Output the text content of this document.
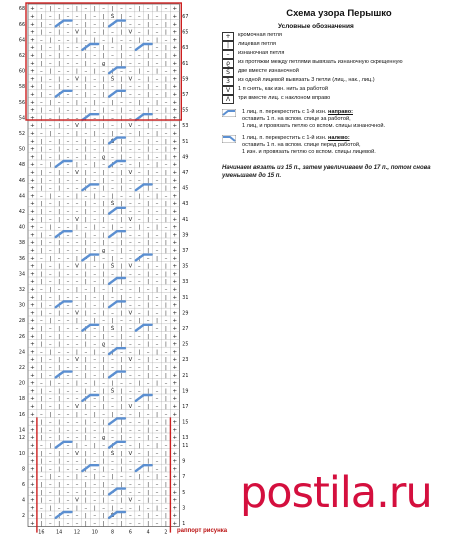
+ – | – – | – | – | – – | – | – +
+ | – | – – | – | Ś | – – | – | +
+ | – | – – | – | – | – – | – | +
+ | – | – V | – | – | V – | – | +
+ – | – – | – | – | – – | – | – +
+ | – | – – | – | – | – – | – | +
+ | – | – – | – | – | – – | – | +
+ | – | – – | – ϱ – | – – | – | +
+ – | – – | – | – | – – | – | – +
+ | – | – V | – | Ś | V – | – | +
+ | – | – – | – | – | – – | – | +
+ | – | – – | – | – | – – | – | +
+ – | – – | – | – | – – | – | – +
+ | – | – – | – | – | – – | – | +
+ | – | – – | – | – | – – | – | +
+ | – | – V | – | – | V – | – | +
+ – | – – | – | – | – – | – | – +
+ | – | – – | – | Ś | – – | – | +
+ | – | – – | – | – | – – | – | +
+ | – | – – | – ϱ – | – – | – | +
+ – | – – | – | – | – – | – | – +
+ | – | – V | – | – | V – | – | +
+ | – | – – | – | – | – – | – | +
+ | – | – – | – | – | – – | – | +
+ – | – – | – | – | – – | – | – +
+ | – | – – | – | Ś | – – | – | +
+ | – | – – | – | – | – – | – | +
+ | – | – V | – | – | V – | – | +
+ – | – – | – | – | – – | – | – +
+ | – | – – | – | – | – – | – | +
+ | – | – – | – | – | – – | – | +
+ | – | – – | – ϱ – | – – | – | +
+ – | – – | – | – | – – | – | – +
+ | – | – V | – | Ś | V – | – | +
+ | – | – – | – | – | – – | – | +
+ | – | – – | – | – | – – | – | +
+ – | – – | – | – | – – | – | – +
+ | – | – – | – | – | – – | – | +
+ | – | – – | – | – | – – | – | +
+ | – | – V | – | – | V – | – | +
+ – | – – | – | – | – – | – | – +
+ | – | – – | – | Ś | – – | – | +
+ | – | – – | – | – | – – | – | +
+ | – | – – | – ϱ – | – – | – | +
+ – | – – | – | – | – – | – | – +
+ | – | – V | – | – | V – | – | +
+ | – | – – | – | – | – – | – | +
+ | – | – – | – | – | – – | – | +
+ – | – – | – | – | – – | – | – +
+ | – | – – | – | Ś | – – | – | +
+ | – | – – | – | – | – – | – | +
+ | – | – V | – | – | V – | – | +
+ – | – – | – | – | – – | – | – +
+ | – | – – | – | – | – – | – | +
+ | – | – – | – | – | – – | – | +
+ | – | – – | – ϱ – | – – | – | +
+ – | – – | – | – | – – | – | – +
+ | – | – V | – | Ś | V – | – | +
+ | – | – – | – | – | – – | – | +
+ | – | – – | – | – | – – | – | +
+ – | – – | – | – | – – | – | – +
+ | – | – – | – | – | – – | – | +
+ | – | – – | – | – | – – | – | +
+ | – | – V | – | – | V – | – | +
+ – | – – | – | – | – – | – | – +
+ | – | – – | – | Ś | – – | – | +
+ | – | – – | – | – | – – | – | +
68
66
64
62
60
58
56
54
52
50
48
46
44
42
40
38
36
34
32
30
28
26
24
22
20
18
16
14
67
65
63
61
59
57
55
53
51
49
47
45
43
41
39
37
35
33
31
29
27
25
23
21
19
17
15
13
12
10
8
6
4
2
11
9
7
5
3
1
16 14 12 10	8	6	4	2
Схема узора Перышко
Условные обозначения
+	кромочная петля
|	лицевая петля
–	изнаночная петля
ϱ	из протяжки между петлями вывязать изнаночную скрещенную
Ś	две вместе изнаночной
3	из одной лицевой вывязать 3 петли (лиц., нак., лиц.)
V	1 п снять, как изн. нить за работой
Λ	три вместе лиц. с наклоном вправо
1 лиц. п. перекрестить с 1-й изн. направо:
оставить 1 п. на вспом. спице за работой,
1 лиц, и провязать петлю со вспом. спицы изнаночной.
1 лиц. п. перекрестить с 1-й изн. налево:
оставить 1 п. на вспом. спице перед работой,
1 изн. и провязать петлю со вспом. спицы лицевой.
Начинаем вязать из 15 п., затем увеличиваем до 17 п., потом снова уменьшаем до 15 п.
postila.ru
раппорт рисунка
